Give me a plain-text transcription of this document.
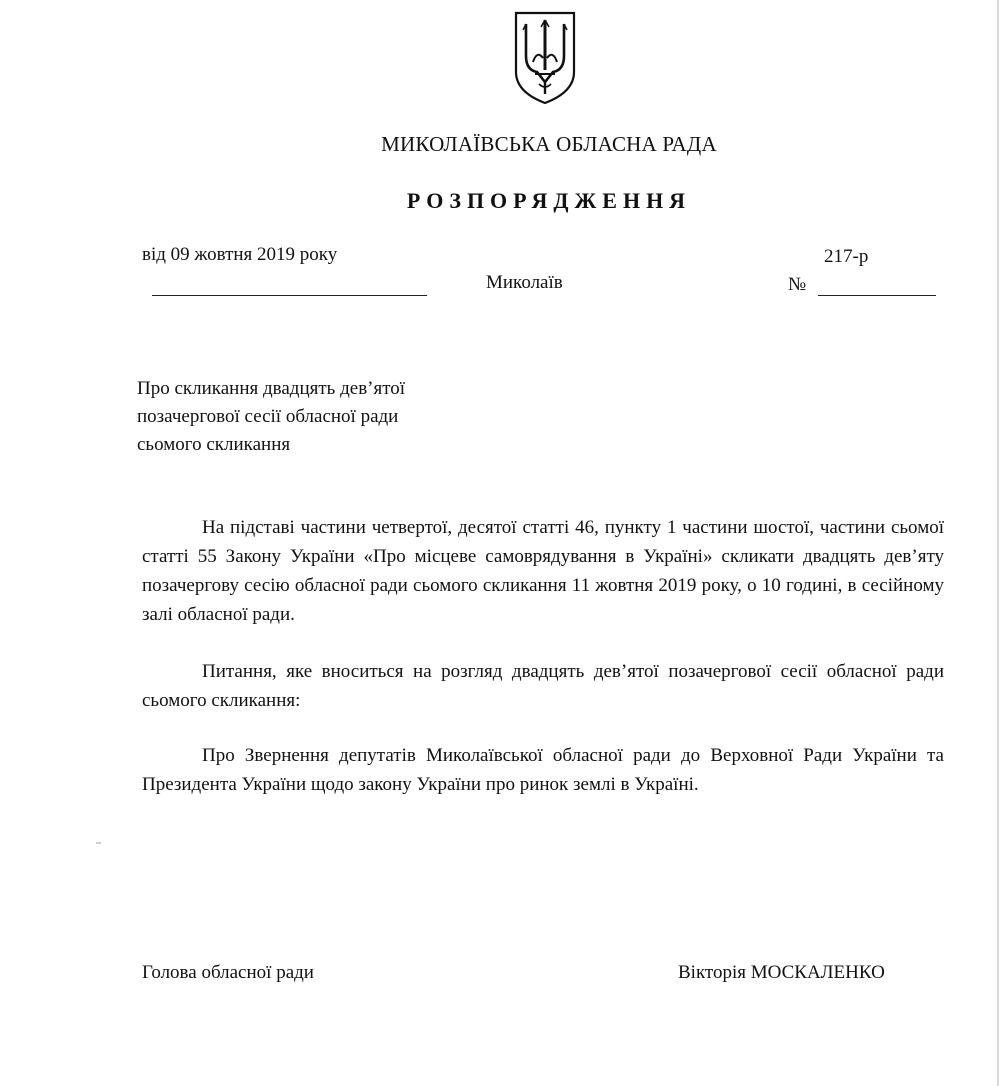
МИКОЛАЇВСЬКА ОБЛАСНА РАДА
РОЗПОРЯДЖЕННЯ
від 09 жовтня 2019 року
Миколаїв
217-р
№
Про скликання двадцять дев’ятої
позачергової сесії обласної ради
сьомого скликання

На підставі частини четвертої, десятої статті 46, пункту 1 частини шостої, частини сьомої статті 55 Закону України «Про місцеве самоврядування в Україні» скликати двадцять дев’яту позачергову сесію обласної ради сьомого скликання 11 жовтня 2019 року, о 10 годині, в сесійному залі обласної ради.

Питання, яке вноситься на розгляд двадцять дев’ятої позачергової сесії обласної ради сьомого скликання:

Про Звернення депутатів Миколаївської обласної ради до Верховної Ради України та Президента України щодо закону України про ринок землі в Україні.

Голова обласної ради	Вікторія МОСКАЛЕНКО
